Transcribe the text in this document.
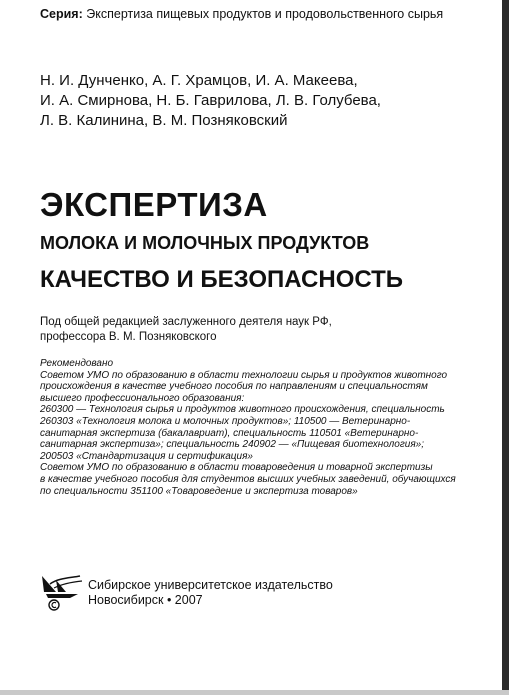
Серия: Экспертиза пищевых продуктов и продовольственного сырья
Н. И. Дунченко, А. Г. Храмцов, И. А. Макеева,
И. А. Смирнова, Н. Б. Гаврилова, Л. В. Голубева,
Л. В. Калинина, В. М. Позняковский
ЭКСПЕРТИЗА
МОЛОКА И МОЛОЧНЫХ ПРОДУКТОВ
КАЧЕСТВО И БЕЗОПАСНОСТЬ
Под общей редакцией заслуженного деятеля наук РФ,
профессора В. М. Позняковского
Рекомендовано
Советом УМО по образованию в области технологии сырья и продуктов животного
происхождения в качестве учебного пособия по направлениям и специальностям
высшего профессионального образования:
260300 — Технология сырья и продуктов животного происхождения, специальность
260303 «Технология молока и молочных продуктов»; 110500 — Ветеринарно-
санитарная экспертиза (бакалавриат), специальность 110501 «Ветеринарно-
санитарная экспертиза»; специальность 240902 — «Пищевая биотехнология»;
200503 «Стандартизация и сертификация»
Советом УМО по образованию в области товароведения и товарной экспертизы
в качестве учебного пособия для студентов высших учебных заведений, обучающихся
по специальности 351100 «Товароведение и экспертиза товаров»
Сибирское университетское издательство
Новосибирск • 2007
